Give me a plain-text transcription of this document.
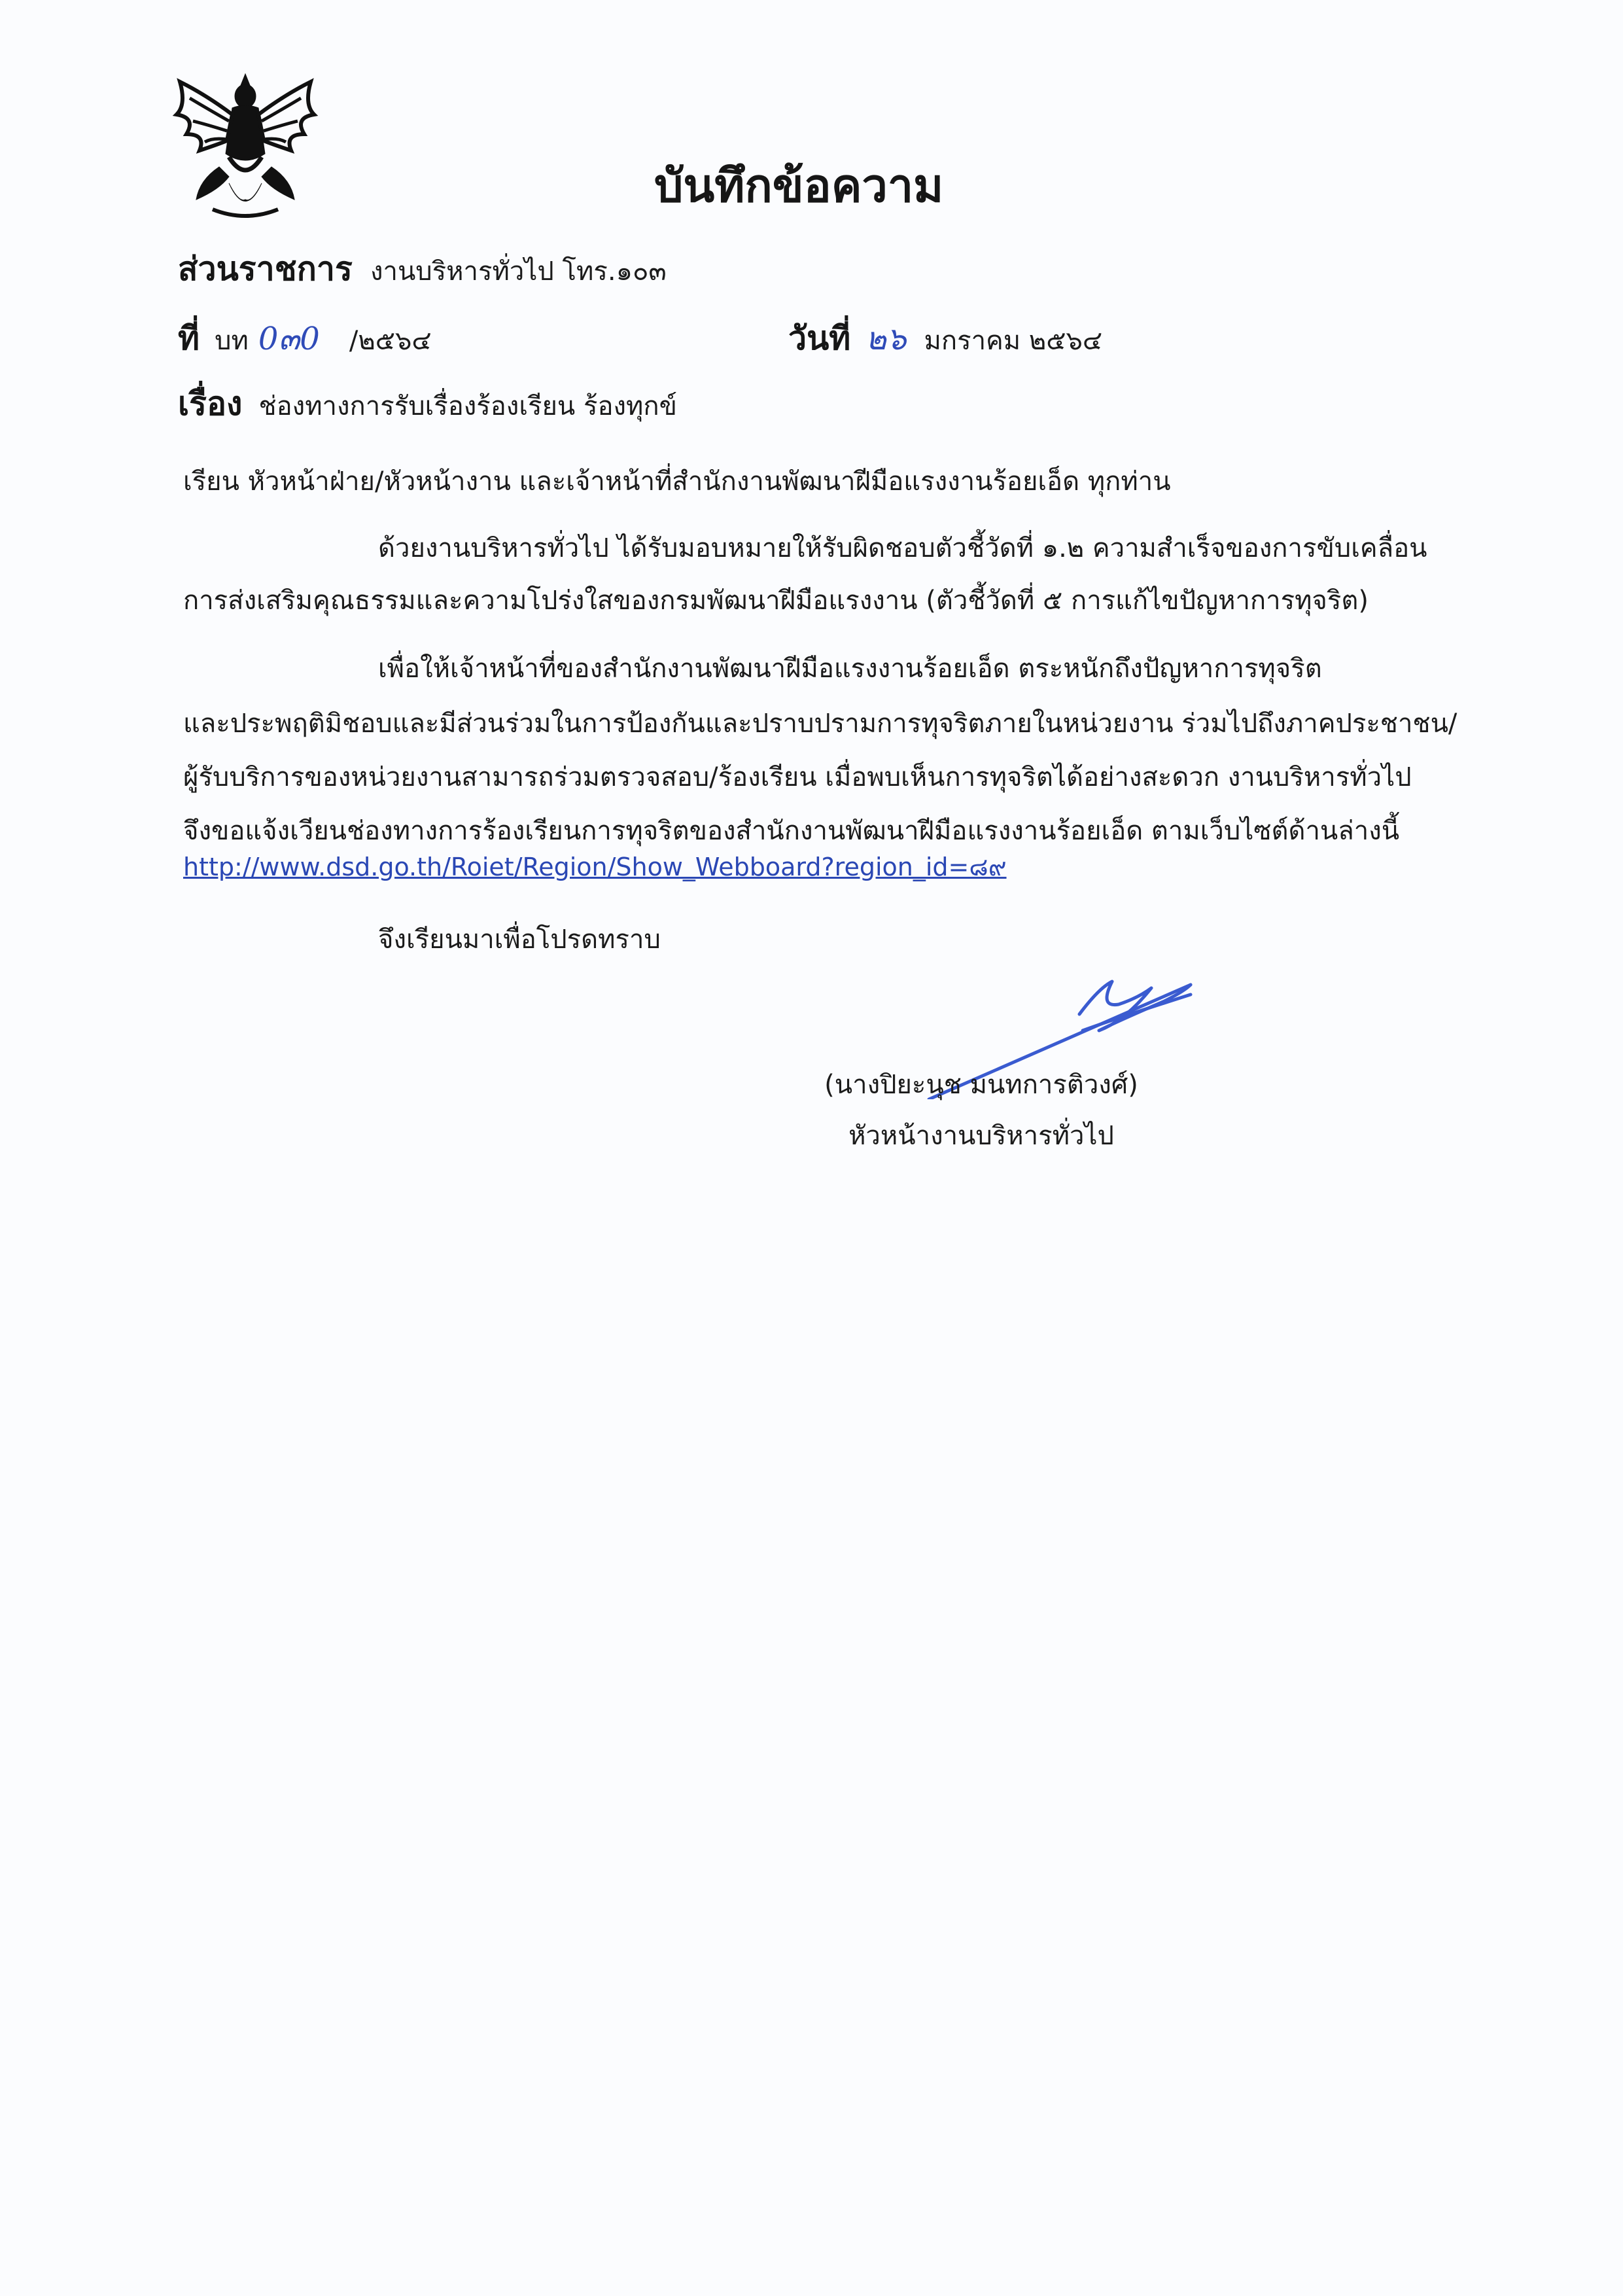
บันทึกข้อความ
ส่วนราชการ งานบริหารทั่วไป โทร.๑๐๓
ที่ บท 0๓0 /๒๕๖๔	วันที่ ๒๖ มกราคม ๒๕๖๔
เรื่อง ช่องทางการรับเรื่องร้องเรียน ร้องทุกข์
เรียน หัวหน้าฝ่าย/หัวหน้างาน และเจ้าหน้าที่สำนักงานพัฒนาฝีมือแรงงานร้อยเอ็ด ทุกท่าน
ด้วยงานบริหารทั่วไป ได้รับมอบหมายให้รับผิดชอบตัวชี้วัดที่ ๑.๒ ความสำเร็จของการขับเคลื่อน
การส่งเสริมคุณธรรมและความโปร่งใสของกรมพัฒนาฝีมือแรงงาน (ตัวชี้วัดที่ ๕ การแก้ไขปัญหาการทุจริต)
เพื่อให้เจ้าหน้าที่ของสำนักงานพัฒนาฝีมือแรงงานร้อยเอ็ด ตระหนักถึงปัญหาการทุจริต
และประพฤติมิชอบและมีส่วนร่วมในการป้องกันและปราบปรามการทุจริตภายในหน่วยงาน ร่วมไปถึงภาคประชาชน/
ผู้รับบริการของหน่วยงานสามารถร่วมตรวจสอบ/ร้องเรียน เมื่อพบเห็นการทุจริตได้อย่างสะดวก งานบริหารทั่วไป
จึงขอแจ้งเวียนช่องทางการร้องเรียนการทุจริตของสำนักงานพัฒนาฝีมือแรงงานร้อยเอ็ด ตามเว็บไซต์ด้านล่างนี้
http://www.dsd.go.th/Roiet/Region/Show_Webboard?region_id=๘๙
จึงเรียนมาเพื่อโปรดทราบ
(นางปิยะนุช มนทการติวงศ์)
หัวหน้างานบริหารทั่วไป
